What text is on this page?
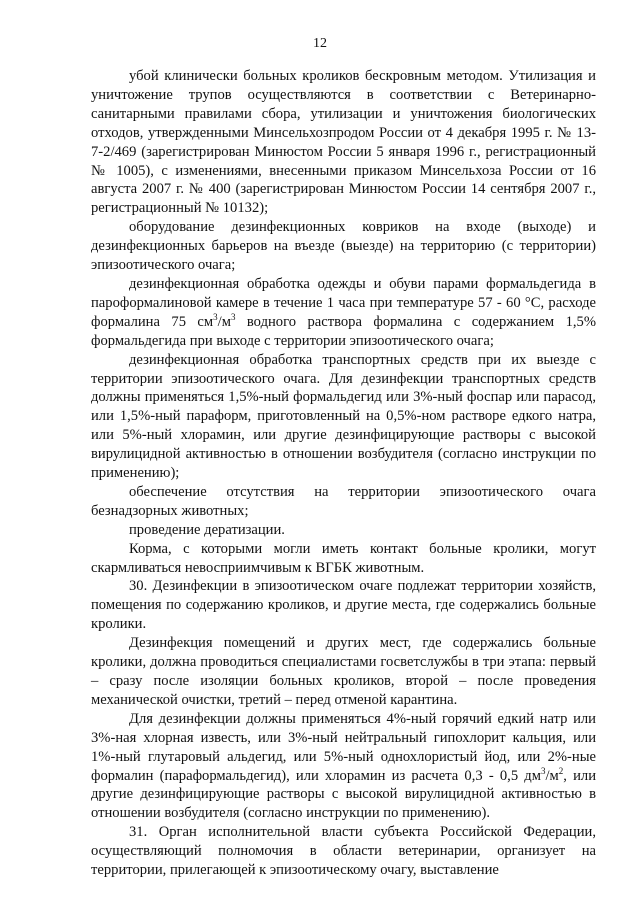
12

убой клинически больных кроликов бескровным методом. Утилизация и уничтожение трупов осуществляются в соответствии с Ветеринарно-санитарными правилами сбора, утилизации и уничтожения биологических отходов, утвержденными Минсельхозпродом России от 4 декабря 1995 г. № 13-7-2/469 (зарегистрирован Минюстом России 5 января 1996 г., регистрационный № 1005), с изменениями, внесенными приказом Минсельхоза России от 16 августа 2007 г. № 400 (зарегистрирован Минюстом России 14 сентября 2007 г., регистрационный № 10132);

оборудование дезинфекционных ковриков на входе (выходе) и дезинфекционных барьеров на въезде (выезде) на территорию (с территории) эпизоотического очага;

дезинфекционная обработка одежды и обуви парами формальдегида в пароформалиновой камере в течение 1 часа при температуре 57 - 60 °С, расходе формалина 75 $см^3/м^3$ водного раствора формалина с содержанием 1,5% формальдегида при выходе с территории эпизоотического очага;

дезинфекционная обработка транспортных средств при их выезде с территории эпизоотического очага. Для дезинфекции транспортных средств должны применяться 1,5%-ный формальдегид или 3%-ный фоспар или парасод, или 1,5%-ный параформ, приготовленный на 0,5%-ном растворе едкого натра, или 5%-ный хлорамин, или другие дезинфицирующие растворы с высокой вирулицидной активностью в отношении возбудителя (согласно инструкции по применению);

обеспечение отсутствия на территории эпизоотического очага безнадзорных животных;

проведение дератизации.

Корма, с которыми могли иметь контакт больные кролики, могут скармливаться невосприимчивым к ВГБК животным.

30. Дезинфекции в эпизоотическом очаге подлежат территории хозяйств, помещения по содержанию кроликов, и другие места, где содержались больные кролики.

Дезинфекция помещений и других мест, где содержались больные кролики, должна проводиться специалистами госветслужбы в три этапа: первый – сразу после изоляции больных кроликов, второй – после проведения механической очистки, третий – перед отменой карантина.

Для дезинфекции должны применяться 4%-ный горячий едкий натр или 3%-ная хлорная известь, или 3%-ный нейтральный гипохлорит кальция, или 1%-ный глутаровый альдегид, или 5%-ный однохлористый йод, или 2%-ные формалин (параформальдегид), или хлорамин из расчета 0,3 - 0,5 $дм^3/м^2$, или другие дезинфицирующие растворы с высокой вирулицидной активностью в отношении возбудителя (согласно инструкции по применению).

31. Орган исполнительной власти субъекта Российской Федерации, осуществляющий полномочия в области ветеринарии, организует на территории, прилегающей к эпизоотическому очагу, выставление
